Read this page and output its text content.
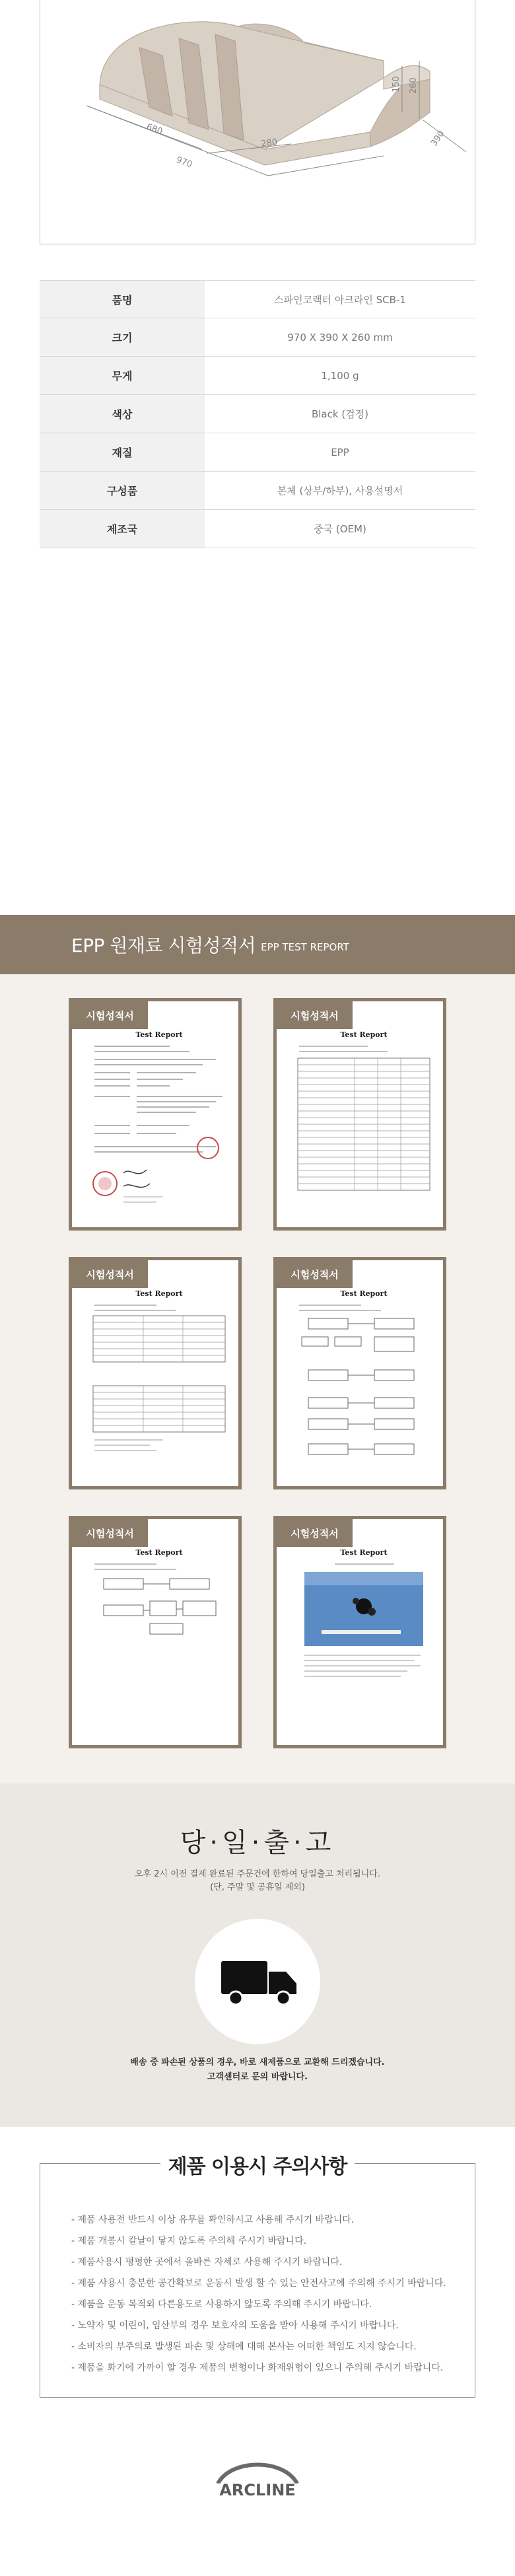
680
280
970
150 260
390
품명	스파인코렉터 아크라인 SCB-1
크기	970 X 390 X 260 mm
무게	1,100 g
색상	Black (검정)
재질	EPP
구성품	본체 (상부/하부), 사용설명서
제조국	중국 (OEM)
EPP 원재료 시험성적서 EPP TEST REPORT
시험성적서
Test Report
시험성적서
Test Report
시험성적서
Test Report
시험성적서
Test Report
시험성적서
Test Report
시험성적서
Test Report
당·일·출·고
오후 2시 이전 결제 완료된 주문건에 한하여 당일출고 처리됩니다.
(단, 주말 및 공휴일 제외)
배송 중 파손된 상품의 경우, 바로 새제품으로 교환해 드리겠습니다.
고객센터로 문의 바랍니다.
제품 이용시 주의사항
- 제품 사용전 반드시 이상 유무를 확인하시고 사용해 주시기 바랍니다.
- 제품 개봉시 칼날이 닿지 않도록 주의해 주시기 바랍니다.
- 제품사용시 평평한 곳에서 올바른 자세로 사용해 주시기 바랍니다.
- 제품 사용시 충분한 공간확보로 운동시 발생 할 수 있는 안전사고에 주의해 주시기 바랍니다.
- 제품을 운동 목적외 다른용도로 사용하지 않도록 주의해 주시기 바랍니다.
- 노약자 및 어린이, 임산부의 경우 보호자의 도움을 받아 사용해 주시기 바랍니다.
- 소비자의 부주의로 발생된 파손 및 상해에 대해 본사는 어떠한 책임도 지지 않습니다.
- 제품을 화기에 가까이 할 경우 제품의 변형이나 화재위험이 있으니 주의해 주시기 바랍니다.
ARCLINE
